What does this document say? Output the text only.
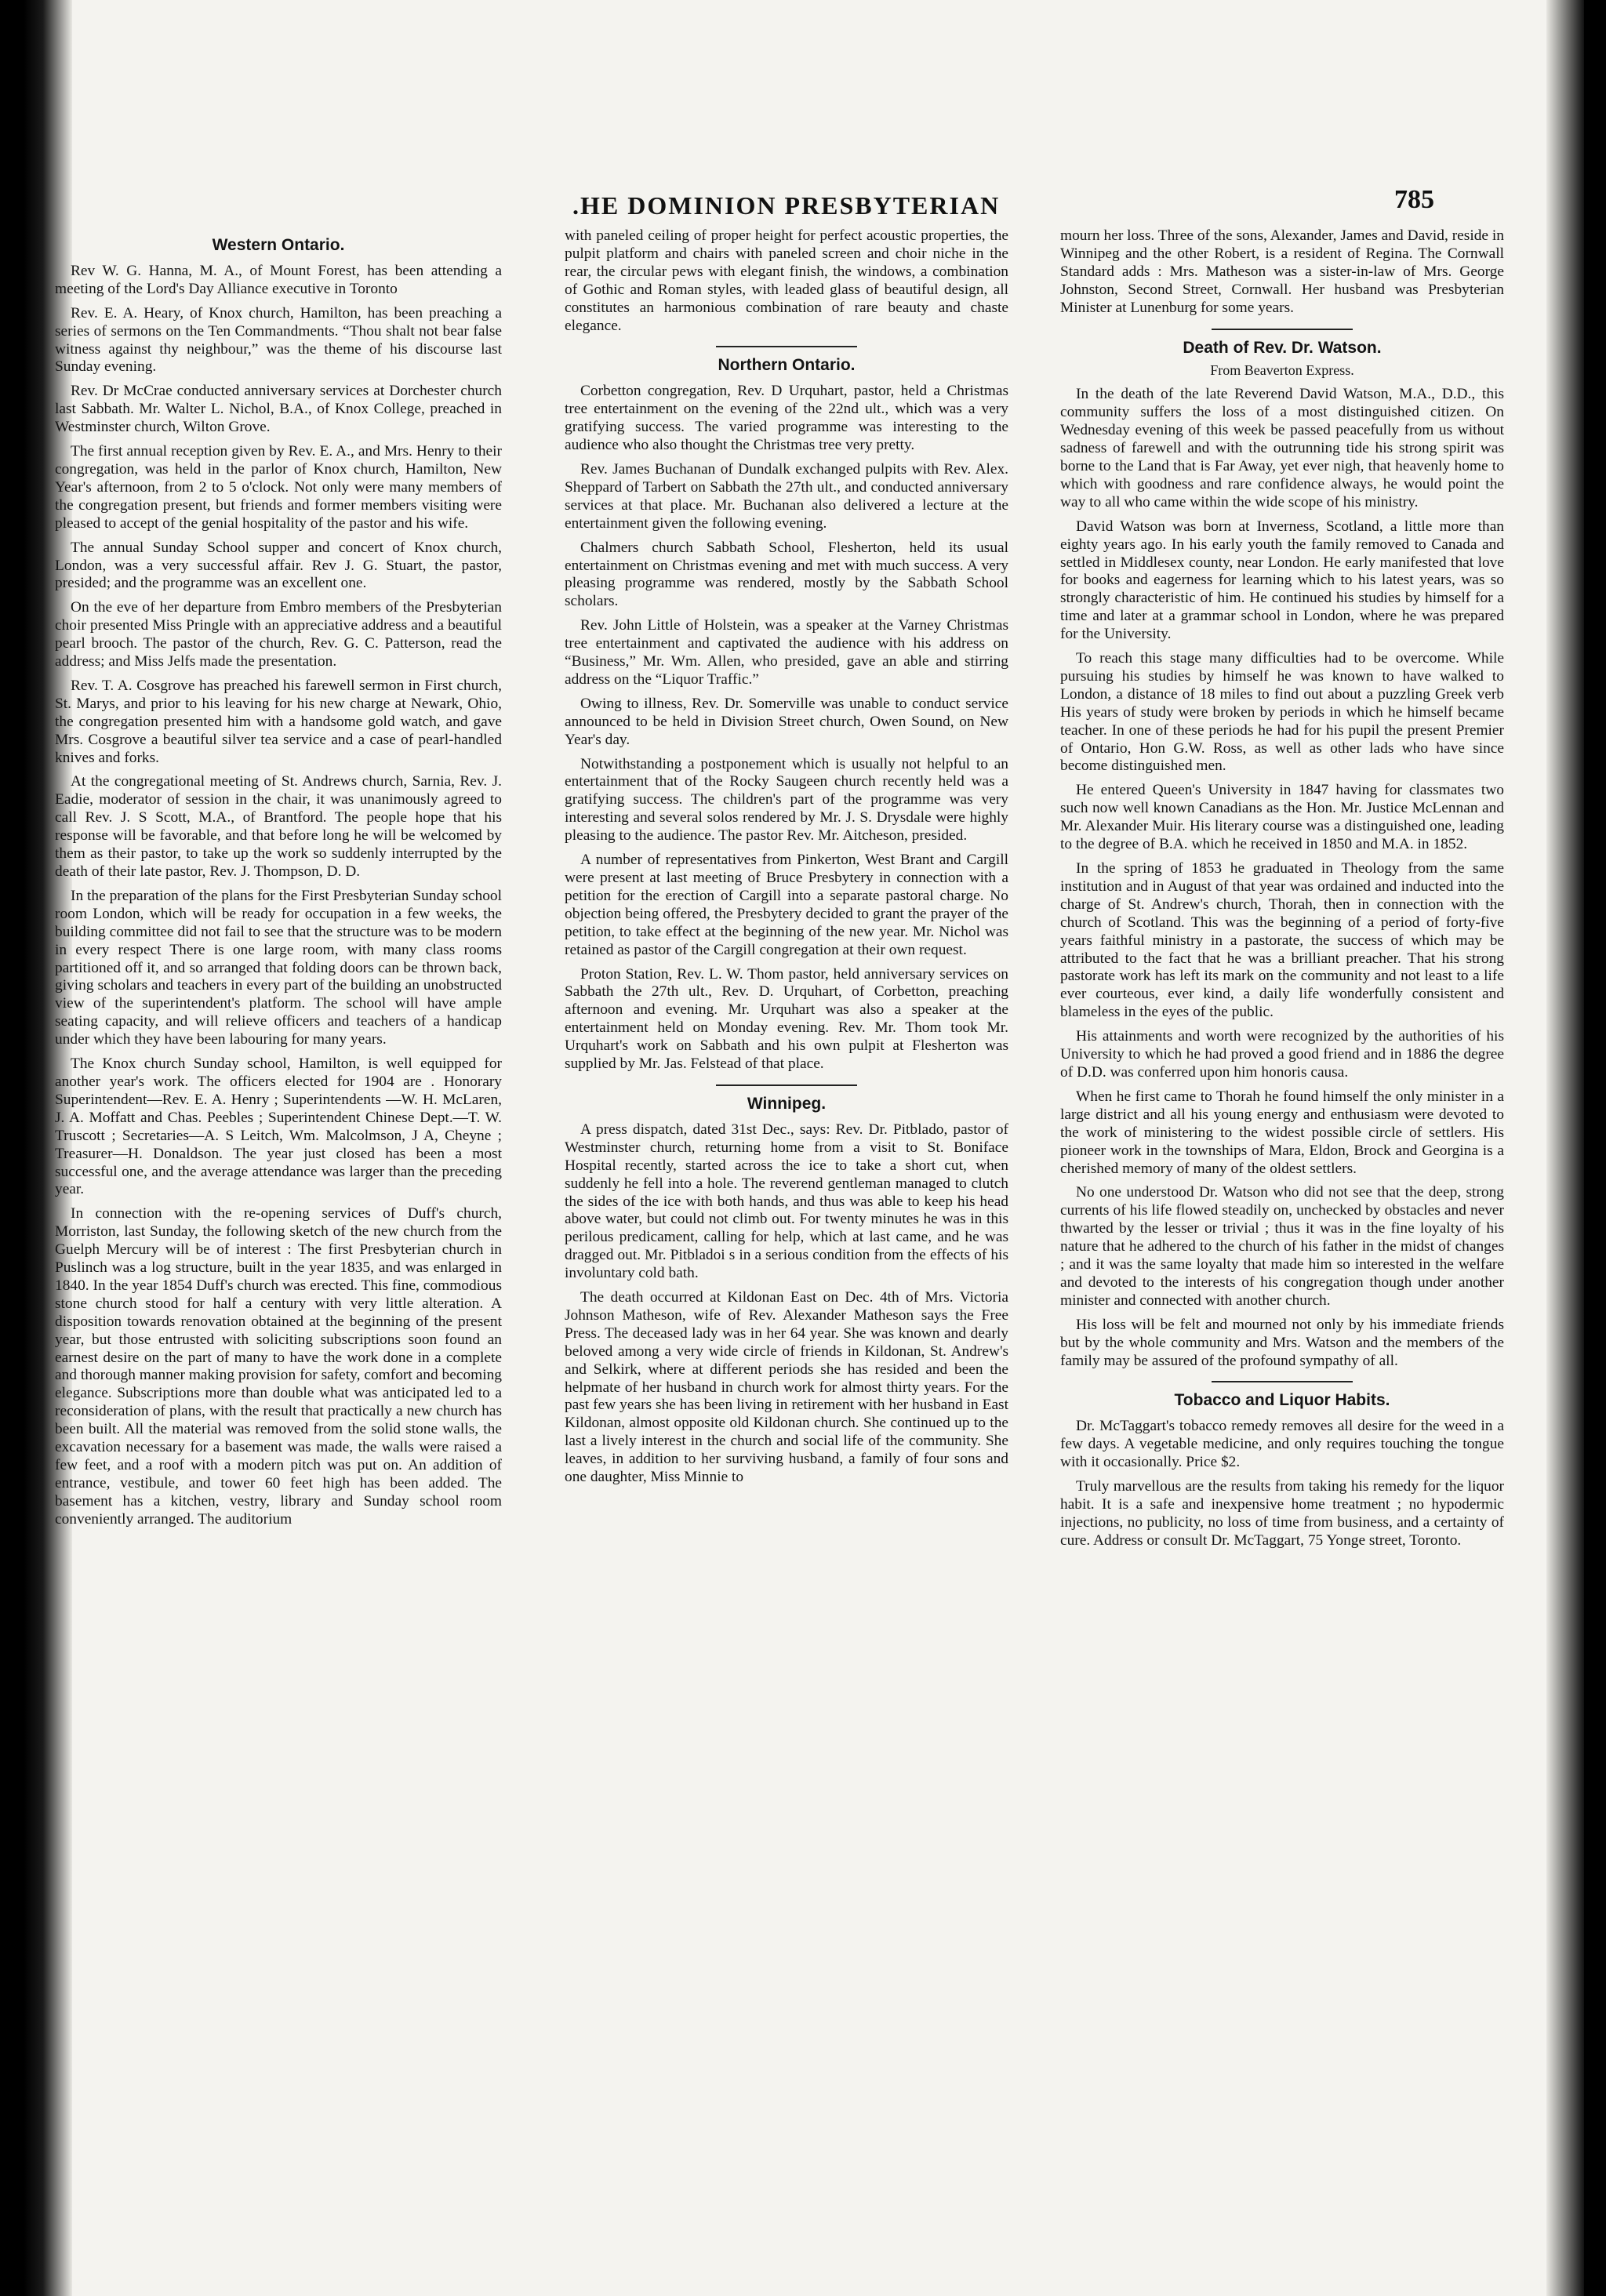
.HE DOMINION PRESBYTERIAN	785
Western Ontario.

Rev W. G. Hanna, M. A., of Mount Forest, has been attending a meeting of the Lord's Day Alliance executive in Toronto

Rev. E. A. Heary, of Knox church, Hamilton, has been preaching a series of sermons on the Ten Commandments. “Thou shalt not bear false witness against thy neighbour,” was the theme of his discourse last Sunday evening.

Rev. Dr McCrae conducted anniversary services at Dorchester church last Sabbath. Mr. Walter L. Nichol, B.A., of Knox College, preached in Westminster church, Wilton Grove.

The first annual reception given by Rev. E. A., and Mrs. Henry to their congregation, was held in the parlor of Knox church, Hamilton, New Year's afternoon, from 2 to 5 o'clock. Not only were many members of the congregation present, but friends and former members visiting were pleased to accept of the genial hospitality of the pastor and his wife.

The annual Sunday School supper and concert of Knox church, London, was a very successful affair. Rev J. G. Stuart, the pastor, presided; and the programme was an excellent one.

On the eve of her departure from Embro members of the Presbyterian choir presented Miss Pringle with an appreciative address and a beautiful pearl brooch. The pastor of the church, Rev. G. C. Patterson, read the address; and Miss Jelfs made the presentation.

Rev. T. A. Cosgrove has preached his farewell sermon in First church, St. Marys, and prior to his leaving for his new charge at Newark, Ohio, the congregation presented him with a handsome gold watch, and gave Mrs. Cosgrove a beautiful silver tea service and a case of pearl-handled knives and forks.

At the congregational meeting of St. Andrews church, Sarnia, Rev. J. Eadie, moderator of session in the chair, it was unanimously agreed to call Rev. J. S Scott, M.A., of Brantford. The people hope that his response will be favorable, and that before long he will be welcomed by them as their pastor, to take up the work so suddenly interrupted by the death of their late pastor, Rev. J. Thompson, D. D.

In the preparation of the plans for the First Presbyterian Sunday school room London, which will be ready for occupation in a few weeks, the building committee did not fail to see that the structure was to be modern in every respect There is one large room, with many class rooms partitioned off it, and so arranged that folding doors can be thrown back, giving scholars and teachers in every part of the building an unobstructed view of the superintendent's platform. The school will have ample seating capacity, and will relieve officers and teachers of a handicap under which they have been labouring for many years.

The Knox church Sunday school, Hamilton, is well equipped for another year's work. The officers elected for 1904 are . Honorary Superintendent—Rev. E. A. Henry ; Superintendents —W. H. McLaren, J. A. Moffatt and Chas. Peebles ; Superintendent Chinese Dept.—T. W. Truscott ; Secretaries—A. S Leitch, Wm. Malcolmson, J A, Cheyne ; Treasurer—H. Donaldson. The year just closed has been a most successful one, and the average attendance was larger than the preceding year.

In connection with the re-opening services of Duff's church, Morriston, last Sunday, the following sketch of the new church from the Guelph Mercury will be of interest : The first Presbyterian church in Puslinch was a log structure, built in the year 1835, and was enlarged in 1840. In the year 1854 Duff's church was erected. This fine, commodious stone church stood for half a century with very little alteration. A disposition towards renovation obtained at the beginning of the present year, but those entrusted with soliciting subscriptions soon found an earnest desire on the part of many to have the work done in a complete and thorough manner making provision for safety, comfort and becoming elegance. Subscriptions more than double what was anticipated led to a reconsideration of plans, with the result that practically a new church has been built. All the material was removed from the solid stone walls, the excavation necessary for a basement was made, the walls were raised a few feet, and a roof with a modern pitch was put on. An addition of entrance, vestibule, and tower 60 feet high has been added. The basement has a kitchen, vestry, library and Sunday school room conveniently arranged. The auditorium

with paneled ceiling of proper height for perfect acoustic properties, the pulpit platform and chairs with paneled screen and choir niche in the rear, the circular pews with elegant finish, the windows, a combination of Gothic and Roman styles, with leaded glass of beautiful design, all constitutes an harmonious combination of rare beauty and chaste elegance.

Northern Ontario.

Corbetton congregation, Rev. D Urquhart, pastor, held a Christmas tree entertainment on the evening of the 22nd ult., which was a very gratifying success. The varied programme was interesting to the audience who also thought the Christmas tree very pretty.

Rev. James Buchanan of Dundalk exchanged pulpits with Rev. Alex. Sheppard of Tarbert on Sabbath the 27th ult., and conducted anniversary services at that place. Mr. Buchanan also delivered a lecture at the entertainment given the following evening.

Chalmers church Sabbath School, Flesherton, held its usual entertainment on Christmas evening and met with much success. A very pleasing programme was rendered, mostly by the Sabbath School scholars.

Rev. John Little of Holstein, was a speaker at the Varney Christmas tree entertainment and captivated the audience with his address on “Business,” Mr. Wm. Allen, who presided, gave an able and stirring address on the “Liquor Traffic.”

Owing to illness, Rev. Dr. Somerville was unable to conduct service announced to be held in Division Street church, Owen Sound, on New Year's day.

Notwithstanding a postponement which is usually not helpful to an entertainment that of the Rocky Saugeen church recently held was a gratifying success. The children's part of the programme was very interesting and several solos rendered by Mr. J. S. Drysdale were highly pleasing to the audience. The pastor Rev. Mr. Aitcheson, presided.

A number of representatives from Pinkerton, West Brant and Cargill were present at last meeting of Bruce Presbytery in connection with a petition for the erection of Cargill into a separate pastoral charge. No objection being offered, the Presbytery decided to grant the prayer of the petition, to take effect at the beginning of the new year. Mr. Nichol was retained as pastor of the Cargill congregation at their own request.

Proton Station, Rev. L. W. Thom pastor, held anniversary services on Sabbath the 27th ult., Rev. D. Urquhart, of Corbetton, preaching afternoon and evening. Mr. Urquhart was also a speaker at the entertainment held on Monday evening. Rev. Mr. Thom took Mr. Urquhart's work on Sabbath and his own pulpit at Flesherton was supplied by Mr. Jas. Felstead of that place.

Winnipeg.

A press dispatch, dated 31st Dec., says: Rev. Dr. Pitblado, pastor of Westminster church, returning home from a visit to St. Boniface Hospital recently, started across the ice to take a short cut, when suddenly he fell into a hole. The reverend gentleman managed to clutch the sides of the ice with both hands, and thus was able to keep his head above water, but could not climb out. For twenty minutes he was in this perilous predicament, calling for help, which at last came, and he was dragged out. Mr. Pitbladoi s in a serious condition from the effects of his involuntary cold bath.

The death occurred at Kildonan East on Dec. 4th of Mrs. Victoria Johnson Matheson, wife of Rev. Alexander Matheson says the Free Press. The deceased lady was in her 64 year. She was known and dearly beloved among a very wide circle of friends in Kildonan, St. Andrew's and Selkirk, where at different periods she has resided and been the helpmate of her husband in church work for almost thirty years. For the past few years she has been living in retirement with her husband in East Kildonan, almost opposite old Kildonan church. She continued up to the last a lively interest in the church and social life of the community. She leaves, in addition to her surviving husband, a family of four sons and one daughter, Miss Minnie to

mourn her loss. Three of the sons, Alexander, James and David, reside in Winnipeg and the other Robert, is a resident of Regina. The Cornwall Standard adds : Mrs. Matheson was a sister-in-law of Mrs. George Johnston, Second Street, Cornwall. Her husband was Presbyterian Minister at Lunenburg for some years.

Death of Rev. Dr. Watson.
From Beaverton Express.

In the death of the late Reverend David Watson, M.A., D.D., this community suffers the loss of a most distinguished citizen. On Wednesday evening of this week be passed peacefully from us without sadness of farewell and with the outrunning tide his strong spirit was borne to the Land that is Far Away, yet ever nigh, that heavenly home to which with goodness and rare confidence always, he would point the way to all who came within the wide scope of his ministry.

David Watson was born at Inverness, Scotland, a little more than eighty years ago. In his early youth the family removed to Canada and settled in Middlesex county, near London. He early manifested that love for books and eagerness for learning which to his latest years, was so strongly characteristic of him. He continued his studies by himself for a time and later at a grammar school in London, where he was prepared for the University.

To reach this stage many difficulties had to be overcome. While pursuing his studies by himself he was known to have walked to London, a distance of 18 miles to find out about a puzzling Greek verb His years of study were broken by periods in which he himself became teacher. In one of these periods he had for his pupil the present Premier of Ontario, Hon G.W. Ross, as well as other lads who have since become distinguished men.

He entered Queen's University in 1847 having for classmates two such now well known Canadians as the Hon. Mr. Justice McLennan and Mr. Alexander Muir. His literary course was a distinguished one, leading to the degree of B.A. which he received in 1850 and M.A. in 1852.

In the spring of 1853 he graduated in Theology from the same institution and in August of that year was ordained and inducted into the charge of St. Andrew's church, Thorah, then in connection with the church of Scotland. This was the beginning of a period of forty-five years faithful ministry in a pastorate, the success of which may be attributed to the fact that he was a brilliant preacher. That his strong pastorate work has left its mark on the community and not least to a life ever courteous, ever kind, a daily life wonderfully consistent and blameless in the eyes of the public.

His attainments and worth were recognized by the authorities of his University to which he had proved a good friend and in 1886 the degree of D.D. was conferred upon him honoris causa.

When he first came to Thorah he found himself the only minister in a large district and all his young energy and enthusiasm were devoted to the work of ministering to the widest possible circle of settlers. His pioneer work in the townships of Mara, Eldon, Brock and Georgina is a cherished memory of many of the oldest settlers.

No one understood Dr. Watson who did not see that the deep, strong currents of his life flowed steadily on, unchecked by obstacles and never thwarted by the lesser or trivial ; thus it was in the fine loyalty of his nature that he adhered to the church of his father in the midst of changes ; and it was the same loyalty that made him so interested in the welfare and devoted to the interests of his congregation though under another minister and connected with another church.

His loss will be felt and mourned not only by his immediate friends but by the whole community and Mrs. Watson and the members of the family may be assured of the profound sympathy of all.

Tobacco and Liquor Habits.

Dr. McTaggart's tobacco remedy removes all desire for the weed in a few days. A vegetable medicine, and only requires touching the tongue with it occasionally. Price $2.

Truly marvellous are the results from taking his remedy for the liquor habit. It is a safe and inexpensive home treatment ; no hypodermic injections, no publicity, no loss of time from business, and a certainty of cure. Address or consult Dr. McTaggart, 75 Yonge street, Toronto.
